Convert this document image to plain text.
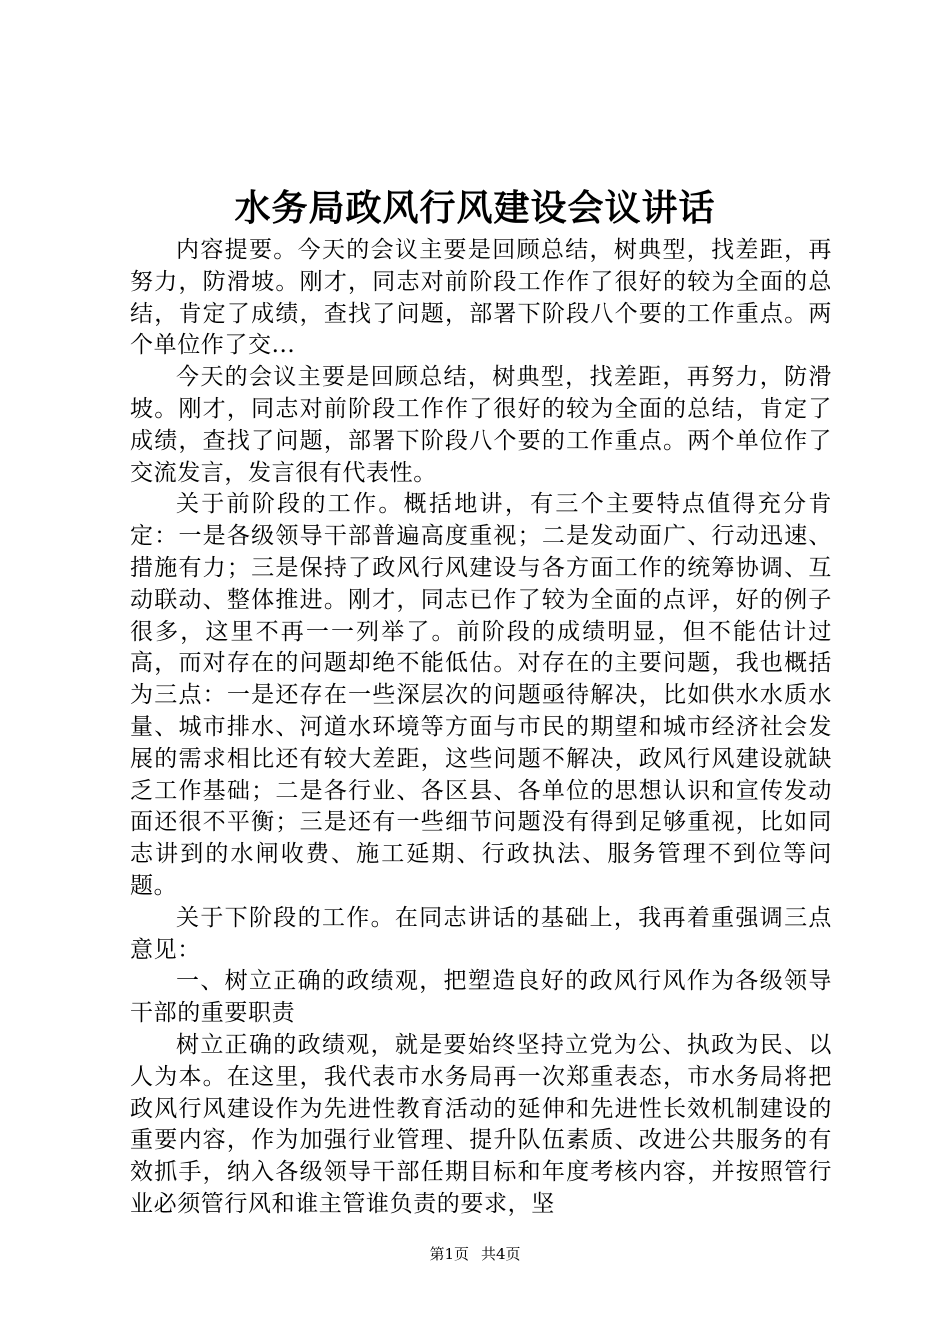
水务局政风行风建设会议讲话

内容提要。今天的会议主要是回顾总结，树典型，找差距，再努力，防滑坡。刚才，同志对前阶段工作作了很好的较为全面的总结，肯定了成绩，查找了问题，部署下阶段八个要的工作重点。两个单位作了交...

今天的会议主要是回顾总结，树典型，找差距，再努力，防滑坡。刚才，同志对前阶段工作作了很好的较为全面的总结，肯定了成绩，查找了问题，部署下阶段八个要的工作重点。两个单位作了交流发言，发言很有代表性。

关于前阶段的工作。概括地讲，有三个主要特点值得充分肯定：一是各级领导干部普遍高度重视；二是发动面广、行动迅速、措施有力；三是保持了政风行风建设与各方面工作的统筹协调、互动联动、整体推进。刚才，同志已作了较为全面的点评，好的例子很多，这里不再一一列举了。前阶段的成绩明显，但不能估计过高，而对存在的问题却绝不能低估。对存在的主要问题，我也概括为三点：一是还存在一些深层次的问题亟待解决，比如供水水质水量、城市排水、河道水环境等方面与市民的期望和城市经济社会发展的需求相比还有较大差距，这些问题不解决，政风行风建设就缺乏工作基础；二是各行业、各区县、各单位的思想认识和宣传发动面还很不平衡；三是还有一些细节问题没有得到足够重视，比如同志讲到的水闸收费、施工延期、行政执法、服务管理不到位等问题。

关于下阶段的工作。在同志讲话的基础上，我再着重强调三点意见：

一、树立正确的政绩观，把塑造良好的政风行风作为各级领导干部的重要职责

树立正确的政绩观，就是要始终坚持立党为公、执政为民、以人为本。在这里，我代表市水务局再一次郑重表态，市水务局将把政风行风建设作为先进性教育活动的延伸和先进性长效机制建设的重要内容，作为加强行业管理、提升队伍素质、改进公共服务的有效抓手，纳入各级领导干部任期目标和年度考核内容，并按照管行业必须管行风和谁主管谁负责的要求，坚

第1页 共4页
